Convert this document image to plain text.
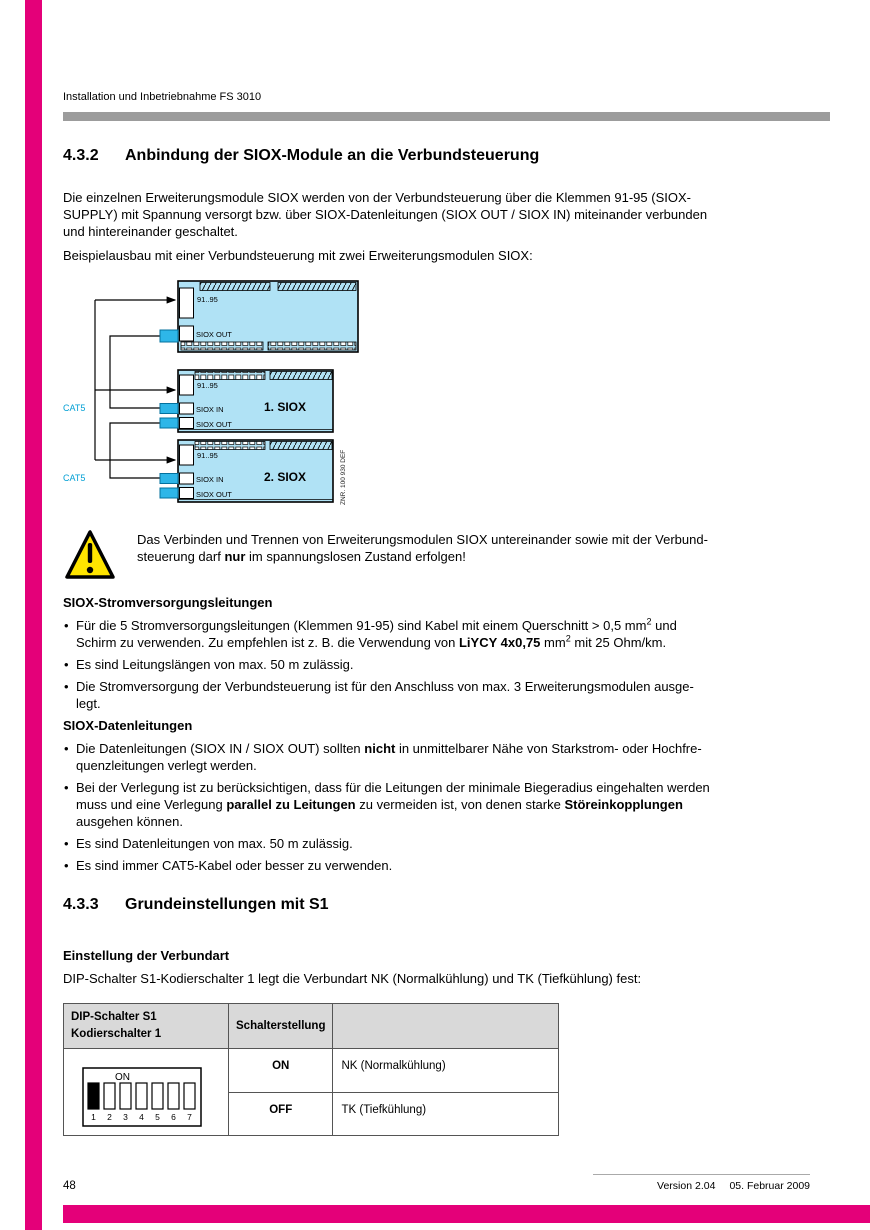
Installation und Inbetriebnahme FS 3010
4.3.2	Anbindung der SIOX-Module an die Verbundsteuerung
Die einzelnen Erweiterungsmodule SIOX werden von der Verbundsteuerung über die Klemmen 91-95 (SIOX-
SUPPLY) mit Spannung versorgt bzw. über SIOX-Datenleitungen (SIOX OUT / SIOX IN) miteinander verbunden
und hintereinander geschaltet.
Beispielausbau mit einer Verbundsteuerung mit zwei Erweiterungsmodulen SIOX:
CAT5
CAT5
91..95
SIOX OUT
91..95
SIOX IN
SIOX OUT
1. SIOX
91..95
SIOX IN
SIOX OUT
2. SIOX	ZNR. 100 930 DEF
Das Verbinden und Trennen von Erweiterungsmodulen SIOX untereinander sowie mit der Verbund-
steuerung darf nur im spannungslosen Zustand erfolgen!
SIOX-Stromversorgungsleitungen
• Für die 5 Stromversorgungsleitungen (Klemmen 91-95) sind Kabel mit einem Querschnitt > 0,5 $mm^2$ und
Schirm zu verwenden. Zu empfehlen ist z. B. die Verwendung von LiYCY 4x0,75 $mm^2$ mit 25 Ohm/km.
• Es sind Leitungslängen von max. 50 m zulässig.
• Die Stromversorgung der Verbundsteuerung ist für den Anschluss von max. 3 Erweiterungsmodulen ausge-
legt.
SIOX-Datenleitungen
• Die Datenleitungen (SIOX IN / SIOX OUT) sollten nicht in unmittelbarer Nähe von Starkstrom- oder Hochfre-
quenzleitungen verlegt werden.
• Bei der Verlegung ist zu berücksichtigen, dass für die Leitungen der minimale Biegeradius eingehalten werden
muss und eine Verlegung parallel zu Leitungen zu vermeiden ist, von denen starke Störeinkopplungen
ausgehen können.
• Es sind Datenleitungen von max. 50 m zulässig.
• Es sind immer CAT5-Kabel oder besser zu verwenden.
4.3.3	Grundeinstellungen mit S1
Einstellung der Verbundart
DIP-Schalter S1-Kodierschalter 1 legt die Verbundart NK (Normalkühlung) und TK (Tiefkühlung) fest:
DIP-Schalter S1
Kodierschalter 1	Schalterstellung	

ON
1 2 3 4 5 6 7
	ON	NK (Normalkühlung)
	OFF	TK (Tiefkühlung)
48	Version 2.04 05. Februar 2009
